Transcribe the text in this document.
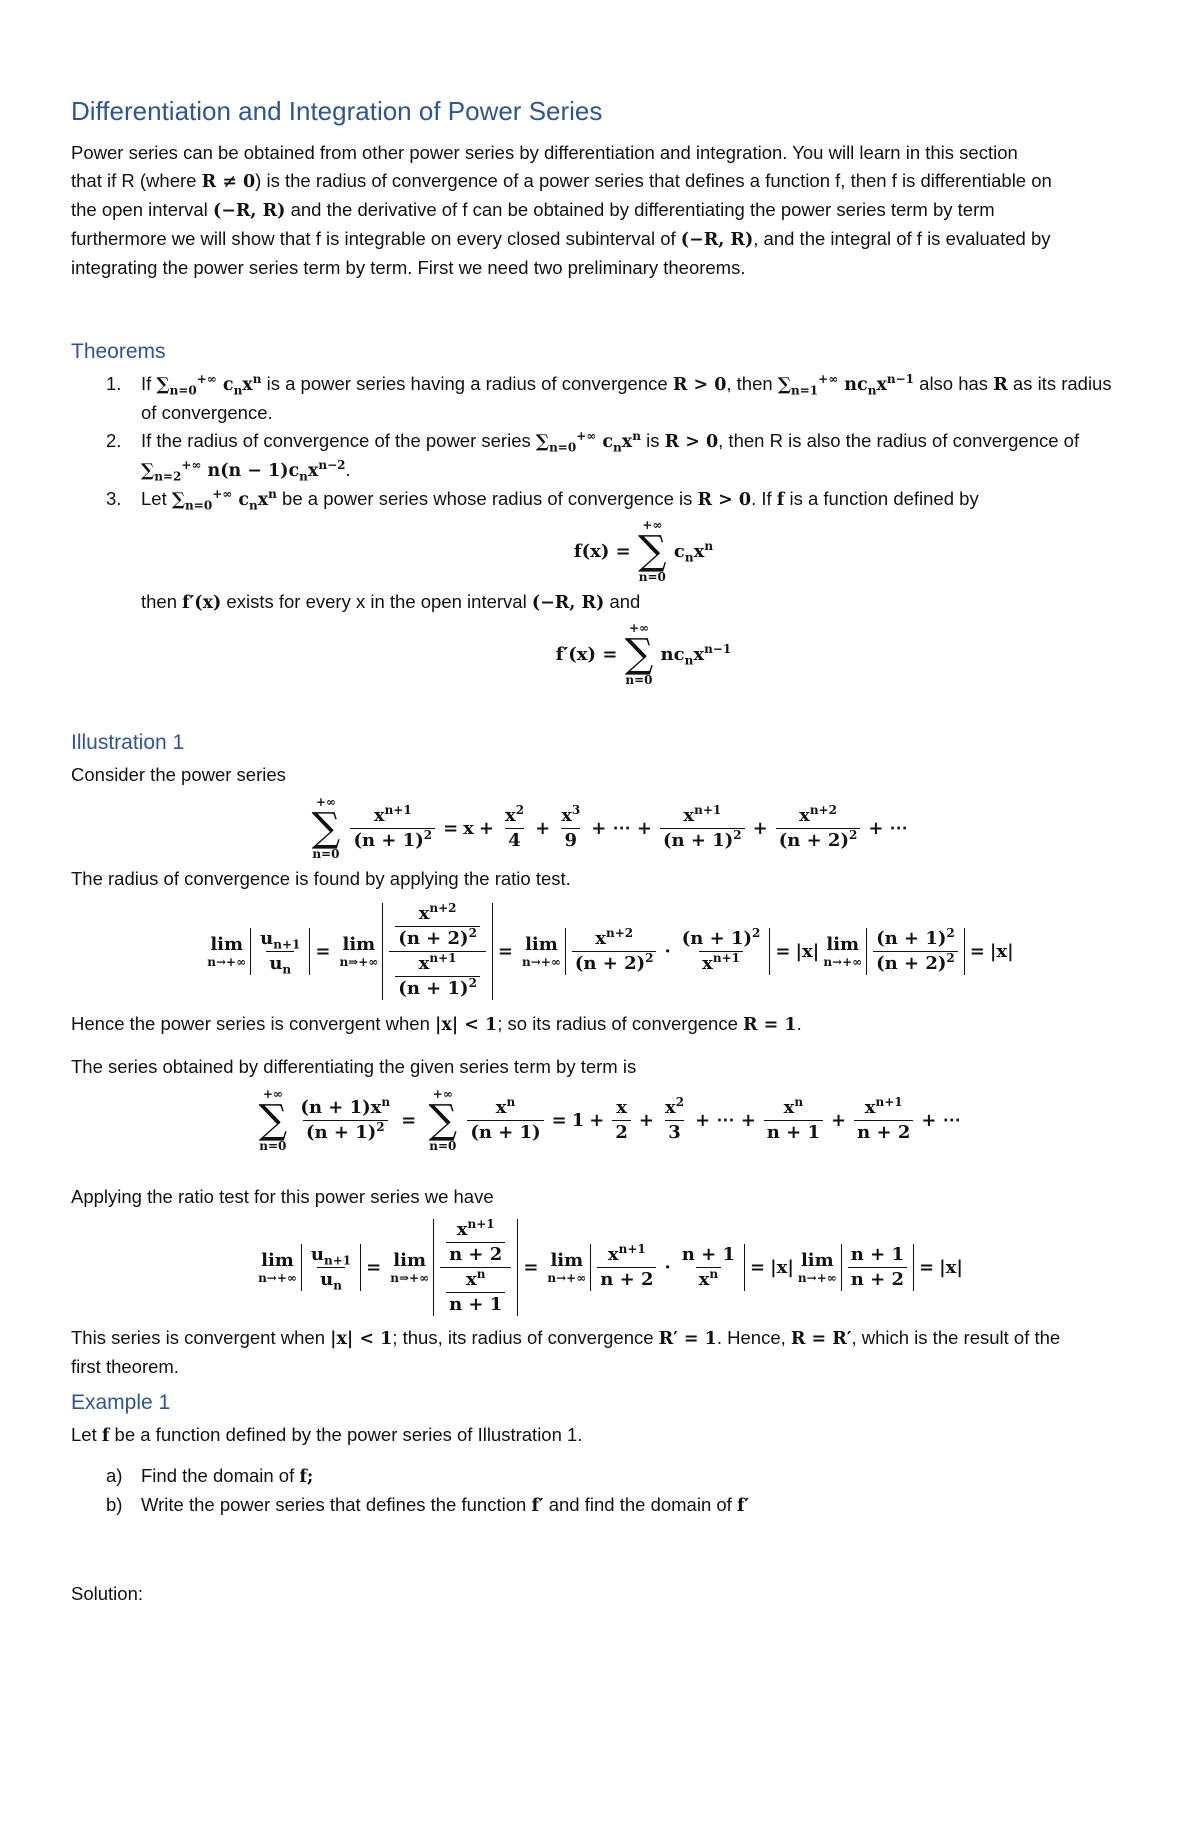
Differentiation and Integration of Power Series

Power series can be obtained from other power series by differentiation and integration. You will learn in this section

that if R (where R ≠ 0) is the radius of convergence of a power series that defines a function f, then f is differentiable on

the open interval (−R, R) and the derivative of f can be obtained by differentiating the power series term by term

furthermore we will show that f is integrable on every closed subinterval of (−R, R), and the integral of f is evaluated by

integrating the power series term by term. First we need two preliminary theorems.

Theorems
1. If $\sum_{n=0}^{+\infty}$ $c_nx^n$ is a power series having a radius of convergence R > 0, then $\sum_{n=1}^{+\infty}$ $nc_nx^{n-1}$ also has R as its radius
of convergence.
2. If the radius of convergence of the power series $\sum_{n=0}^{+\infty}$ $c_nx^n$ is R > 0, then R is also the radius of convergence of
$\sum_{n=2}^{+\infty}$ $n(n - 1)c_nx^{n-2}$.
3. Let $\sum_{n=0}^{+\infty}$ $c_nx^n$ be a power series whose radius of convergence is R > 0. If f is a function defined by
f(x) =
+∞
∑
n=0
$c_nx^n$

then f′(x) exists for every x in the open interval (−R, R) and

f′(x) =
+∞
∑
n=0
$nc_nx^{n-1}$
Illustration 1

Consider the power series

+∞
∑
n=0
$\frac{x^{n+1}}{(n + 1)^2} = x + \frac{x^2}{4} + \frac{x^3}{9}$ + ⋯ + $\frac{x^{n+1}}{(n + 1)^2} + \frac{x^{n+2}}{(n + 2)^2}$ + ⋯

The radius of convergence is found by applying the ratio test.

lim
$n\to+\infty \frac{u_{n+1}}{u_n} = \lim$
n⇒+∞ $\frac{\frac{x^{n+2}}{(n + 2)^2}}{\frac{x^{n+1}}{(n + 1)^2}} = \lim$
$n\to+\infty \frac{x^{n+2}}{(n + 2)^2} \cdot \frac{(n + 1)^2}{x^{n+1}} = |x|$ lim
$n\to+\infty \frac{(n + 1)^2}{(n + 2)^2} = |x|$

Hence the power series is convergent when |x| < 1; so its radius of convergence R = 1.

The series obtained by differentiating the given series term by term is

+∞
∑
n=0
$\frac{(n + 1)x^n}{(n + 1)^2}$ =
+∞
∑
n=0
$\frac{x^n}{(n + 1)} = 1 + \frac{x}{2} + \frac{x^2}{3}$ + ⋯ + $\frac{x^n}{n + 1} + \frac{x^{n+1}}{n + 2}$ + ⋯

Applying the ratio test for this power series we have

lim
$n\to+\infty \frac{u_{n+1}}{u_n} = \lim$
n⇒+∞ $\frac{\frac{x^{n+1}}{n + 2}}{\frac{x^n}{n + 1}} = \lim$
$n\to+\infty \frac{x^{n+1}}{n + 2} \cdot \frac{n + 1}{x^n} = |x|$ lim
$n\to+\infty \frac{n + 1}{n + 2} = |x|$

This series is convergent when |x| < 1; thus, its radius of convergence R′ = 1. Hence, R = R′, which is the result of the
first theorem.

Example 1

Let f be a function defined by the power series of Illustration 1.

a) Find the domain of f;
b) Write the power series that defines the function f′ and find the domain of f′

Solution:
